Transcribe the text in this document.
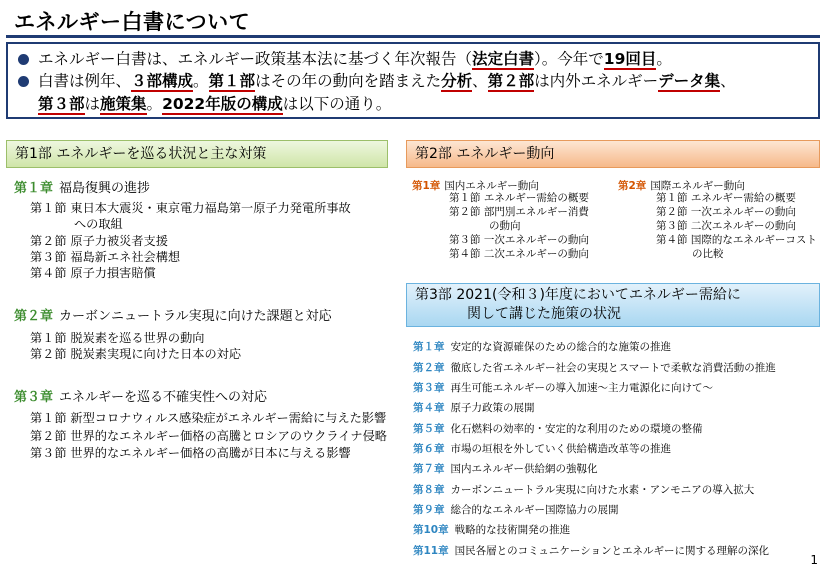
エネルギー白書について
エネルギー白書は、エネルギー政策基本法に基づく年次報告（法定白書）。今年で19回目。
白書は例年、３部構成。第１部はその年の動向を踏まえた分析、第２部は内外エネルギーデータ集、
第３部は施策集。2022年版の構成は以下の通り。
第1部 エネルギーを巡る状況と主な対策
第１章 福島復興の進捗
第１節 東日本大震災・東京電力福島第一原子力発電所事故
への取組
第２節 原子力被災者支援
第３節 福島新エネ社会構想
第４節 原子力損害賠償
第２章 カーボンニュートラル実現に向けた課題と対応
第１節 脱炭素を巡る世界の動向
第２節 脱炭素実現に向けた日本の対応
第３章 エネルギーを巡る不確実性への対応
第１節 新型コロナウィルス感染症がエネルギー需給に与えた影響
第２節 世界的なエネルギー価格の高騰とロシアのウクライナ侵略
第３節 世界的なエネルギー価格の高騰が日本に与える影響
第2部 エネルギー動向
第1章 国内エネルギー動向
第１節 エネルギー需給の概要
第２節 部門別エネルギー消費
の動向
第３節 一次エネルギーの動向
第４節 二次エネルギーの動向
第2章 国際エネルギー動向
第１節 エネルギー需給の概要
第２節 一次エネルギーの動向
第３節 二次エネルギーの動向
第４節 国際的なエネルギーコスト
の比較
第3部 2021(令和３)年度においてエネルギー需給に
関して講じた施策の状況
第１章 安定的な資源確保のための総合的な施策の推進
第２章 徹底した省エネルギー社会の実現とスマートで柔軟な消費活動の推進
第３章 再生可能エネルギーの導入加速～主力電源化に向けて～
第４章 原子力政策の展開
第５章 化石燃料の効率的・安定的な利用のための環境の整備
第６章 市場の垣根を外していく供給構造改革等の推進
第７章 国内エネルギー供給網の強靱化
第８章 カーボンニュートラル実現に向けた水素・アンモニアの導入拡大
第９章 総合的なエネルギー国際協力の展開
第10章 戦略的な技術開発の推進
第11章 国民各層とのコミュニケーションとエネルギーに関する理解の深化
1
